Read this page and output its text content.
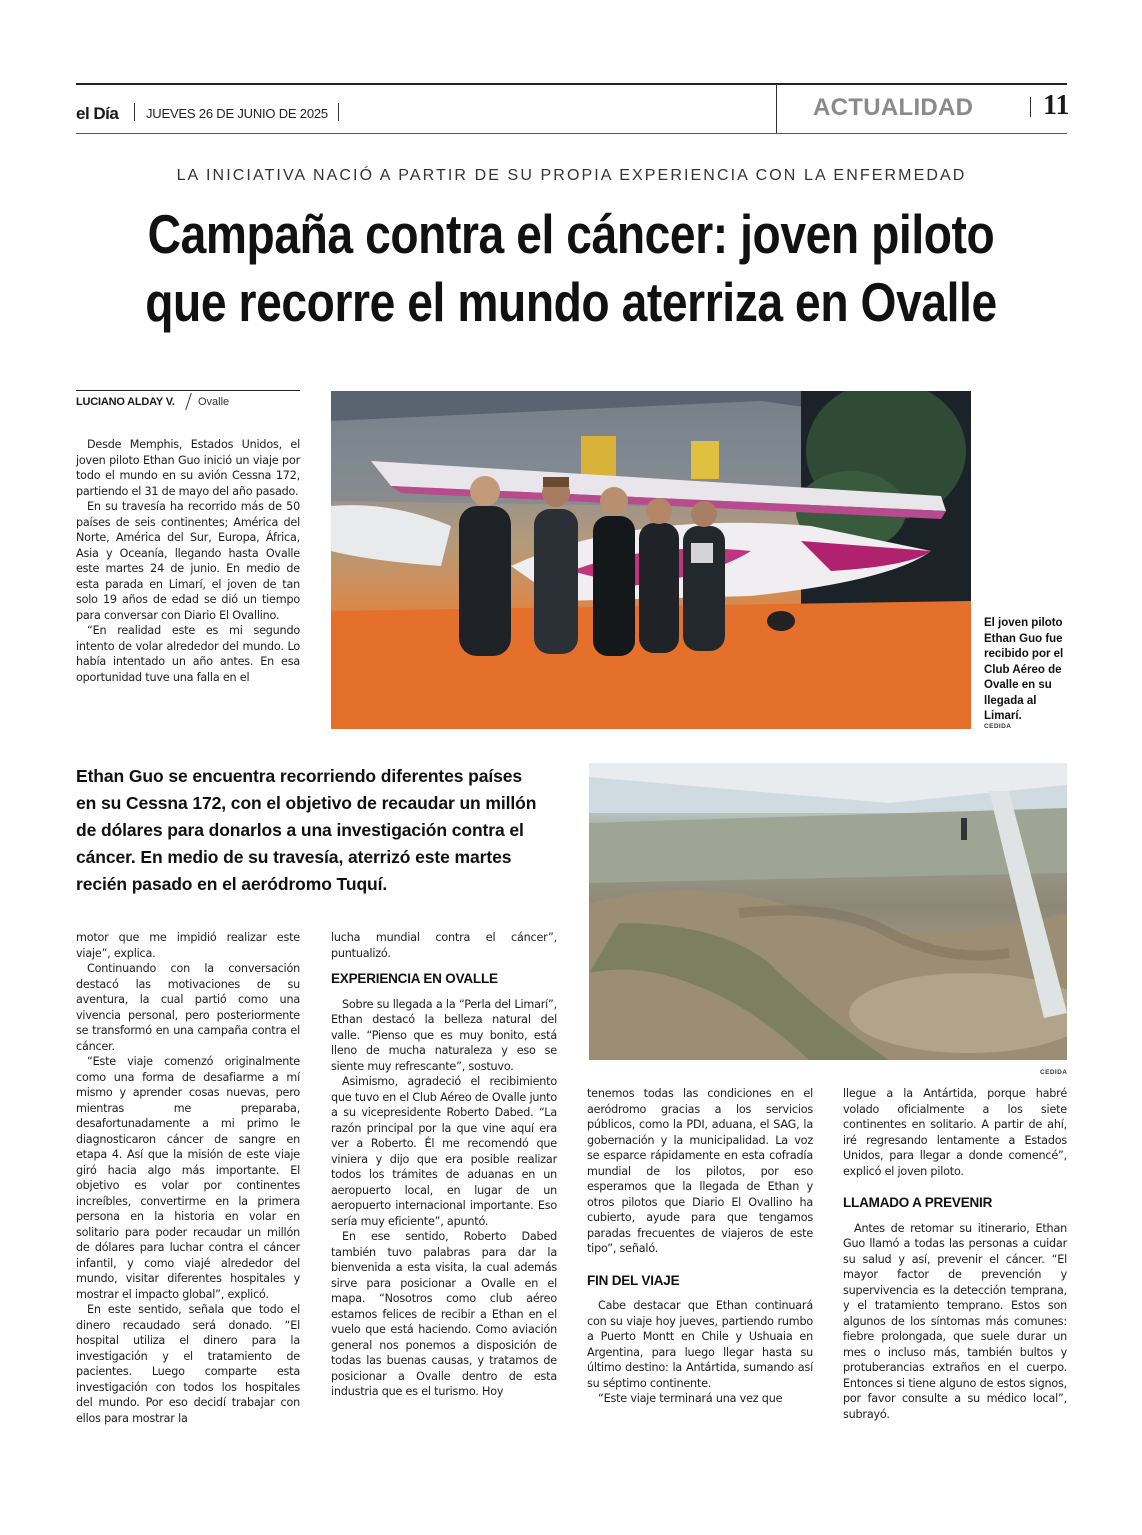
el Día JUEVES 26 DE JUNIO DE 2025	ACTUALIDAD 11
LA INICIATIVA NACIÓ A PARTIR DE SU PROPIA EXPERIENCIA CON LA ENFERMEDAD
Campaña contra el cáncer: joven piloto
que recorre el mundo aterriza en Ovalle
LUCIANO ALDAY V. Ovalle

Desde Memphis, Estados Unidos, el joven piloto Ethan Guo inició un viaje por todo el mundo en su avión Cessna 172, partiendo el 31 de mayo del año pasado.

En su travesía ha recorrido más de 50 países de seis continentes; América del Norte, América del Sur, Europa, África, Asia y Oceanía, llegando hasta Ovalle este martes 24 de junio. En medio de esta parada en Limarí, el joven de tan solo 19 años de edad se dió un tiempo para conversar con Diario El Ovallino.

“En realidad este es mi segundo intento de volar alrededor del mundo. Lo había intentado un año antes. En esa oportunidad tuve una falla en el

El joven piloto Ethan Guo fue recibido por el Club Aéreo de Ovalle en su llegada al Limarí.
CEDIDA
Ethan Guo se encuentra recorriendo diferentes países en su Cessna 172, con el objetivo de recaudar un millón de dólares para donarlos a una investigación contra el cáncer. En medio de su travesía, aterrizó este martes recién pasado en el aeródromo Tuquí.
CEDIDA

motor que me impidió realizar este viaje”, explica.

Continuando con la conversación destacó las motivaciones de su aventura, la cual partió como una vivencia personal, pero posteriormente se transformó en una campaña contra el cáncer.

“Este viaje comenzó originalmente como una forma de desafiarme a mí mismo y aprender cosas nuevas, pero mientras me preparaba, desafortunadamente a mi primo le diagnosticaron cáncer de sangre en etapa 4. Así que la misión de este viaje giró hacia algo más importante. El objetivo es volar por continentes increíbles, convertirme en la primera persona en la historia en volar en solitario para poder recaudar un millón de dólares para luchar contra el cáncer infantil, y como viajé alrededor del mundo, visitar diferentes hospitales y mostrar el impacto global”, explicó.

En este sentido, señala que todo el dinero recaudado será donado. “El hospital utiliza el dinero para la investigación y el tratamiento de pacientes. Luego comparte esta investigación con todos los hospitales del mundo. Por eso decidí trabajar con ellos para mostrar la

lucha mundial contra el cáncer”, puntualizó.

EXPERIENCIA EN OVALLE

Sobre su llegada a la “Perla del Limarí”, Ethan destacó la belleza natural del valle. “Pienso que es muy bonito, está lleno de mucha naturaleza y eso se siente muy refrescante”, sostuvo.

Asimismo, agradeció el recibimiento que tuvo en el Club Aéreo de Ovalle junto a su vicepresidente Roberto Dabed. “La razón principal por la que vine aquí era ver a Roberto. Él me recomendó que viniera y dijo que era posible realizar todos los trámites de aduanas en un aeropuerto local, en lugar de un aeropuerto internacional importante. Eso sería muy eficiente”, apuntó.

En ese sentido, Roberto Dabed también tuvo palabras para dar la bienvenida a esta visita, la cual además sirve para posicionar a Ovalle en el mapa. “Nosotros como club aéreo estamos felices de recibir a Ethan en el vuelo que está haciendo. Como aviación general nos ponemos a disposición de todas las buenas causas, y tratamos de posicionar a Ovalle dentro de esta industria que es el turismo. Hoy

tenemos todas las condiciones en el aeródromo gracias a los servicios públicos, como la PDI, aduana, el SAG, la gobernación y la municipalidad. La voz se esparce rápidamente en esta cofradía mundial de los pilotos, por eso esperamos que la llegada de Ethan y otros pilotos que Diario El Ovallino ha cubierto, ayude para que tengamos paradas frecuentes de viajeros de este tipo”, señaló.

FIN DEL VIAJE

Cabe destacar que Ethan continuará con su viaje hoy jueves, partiendo rumbo a Puerto Montt en Chile y Ushuaia en Argentina, para luego llegar hasta su último destino: la Antártida, sumando así su séptimo continente.

“Este viaje terminará una vez que

llegue a la Antártida, porque habré volado oficialmente a los siete continentes en solitario. A partir de ahí, iré regresando lentamente a Estados Unidos, para llegar a donde comencé”, explicó el joven piloto.

LLAMADO A PREVENIR

Antes de retomar su itinerario, Ethan Guo llamó a todas las personas a cuidar su salud y así, prevenir el cáncer. “El mayor factor de prevención y supervivencia es la detección temprana, y el tratamiento temprano. Estos son algunos de los síntomas más comunes: fiebre prolongada, que suele durar un mes o incluso más, también bultos y protuberancias extraños en el cuerpo. Entonces si tiene alguno de estos signos, por favor consulte a su médico local”, subrayó.
